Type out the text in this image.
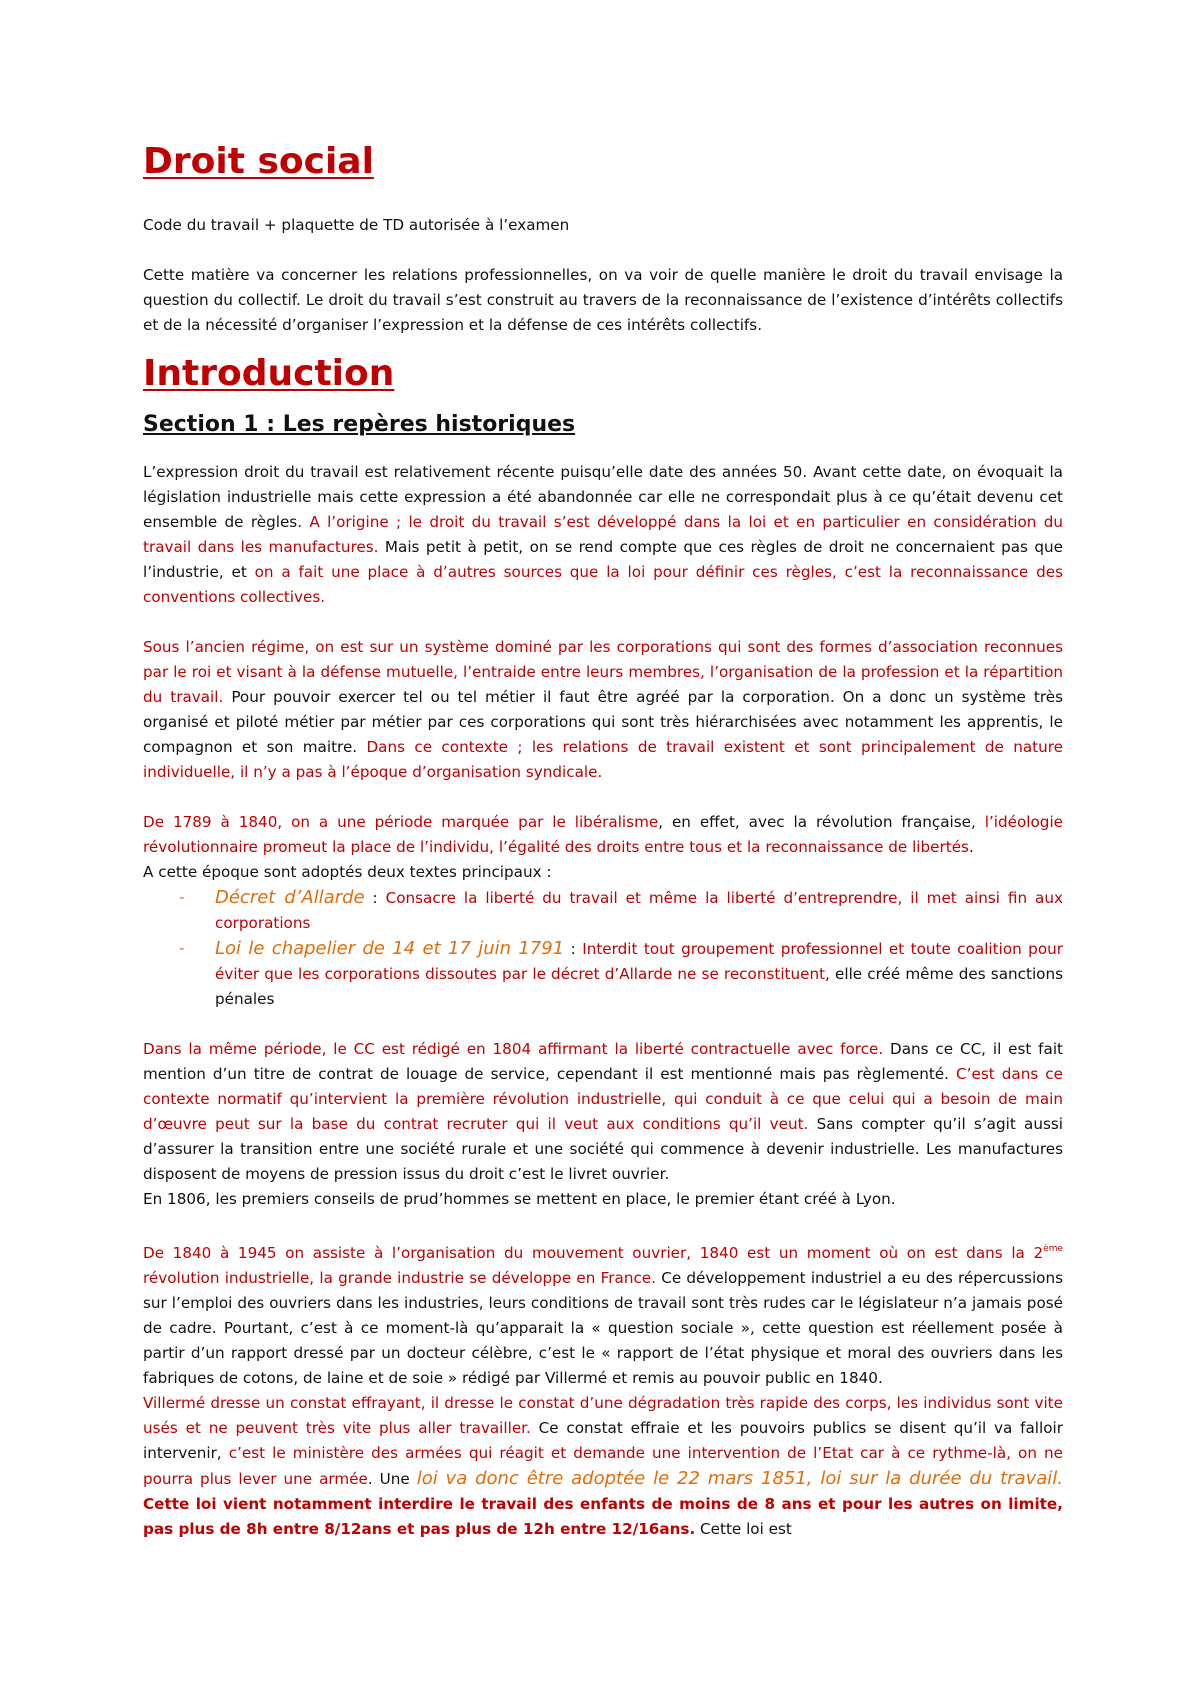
Droit social

Code du travail + plaquette de TD autorisée à l’examen

Cette matière va concerner les relations professionnelles, on va voir de quelle manière le droit du travail envisage la question du collectif. Le droit du travail s’est construit au travers de la reconnaissance de l’existence d’intérêts collectifs et de la nécessité d’organiser l’expression et la défense de ces intérêts collectifs.

Introduction
Section 1 : Les repères historiques

L’expression droit du travail est relativement récente puisqu’elle date des années 50. Avant cette date, on évoquait la législation industrielle mais cette expression a été abandonnée car elle ne correspondait plus à ce qu’était devenu cet ensemble de règles. A l’origine ; le droit du travail s’est développé dans la loi et en particulier en considération du travail dans les manufactures. Mais petit à petit, on se rend compte que ces règles de droit ne concernaient pas que l’industrie, et on a fait une place à d’autres sources que la loi pour définir ces règles, c’est la reconnaissance des conventions collectives.

Sous l’ancien régime, on est sur un système dominé par les corporations qui sont des formes d’association reconnues par le roi et visant à la défense mutuelle, l’entraide entre leurs membres, l’organisation de la profession et la répartition du travail. Pour pouvoir exercer tel ou tel métier il faut être agréé par la corporation. On a donc un système très organisé et piloté métier par métier par ces corporations qui sont très hiérarchisées avec notamment les apprentis, le compagnon et son maitre. Dans ce contexte ; les relations de travail existent et sont principalement de nature individuelle, il n’y a pas à l’époque d’organisation syndicale.

De 1789 à 1840, on a une période marquée par le libéralisme, en effet, avec la révolution française, l’idéologie révolutionnaire promeut la place de l’individu, l’égalité des droits entre tous et la reconnaissance de libertés.

A cette époque sont adoptés deux textes principaux :

- Décret d’Allarde : Consacre la liberté du travail et même la liberté d’entreprendre, il met ainsi fin aux corporations
- Loi le chapelier de 14 et 17 juin 1791 : Interdit tout groupement professionnel et toute coalition pour éviter que les corporations dissoutes par le décret d’Allarde ne se reconstituent, elle créé même des sanctions pénales

Dans la même période, le CC est rédigé en 1804 affirmant la liberté contractuelle avec force. Dans ce CC, il est fait mention d’un titre de contrat de louage de service, cependant il est mentionné mais pas règlementé. C’est dans ce contexte normatif qu’intervient la première révolution industrielle, qui conduit à ce que celui qui a besoin de main d’œuvre peut sur la base du contrat recruter qui il veut aux conditions qu’il veut. Sans compter qu’il s’agit aussi d’assurer la transition entre une société rurale et une société qui commence à devenir industrielle. Les manufactures disposent de moyens de pression issus du droit c’est le livret ouvrier.

En 1806, les premiers conseils de prud’hommes se mettent en place, le premier étant créé à Lyon.

De 1840 à 1945 on assiste à l’organisation du mouvement ouvrier, 1840 est un moment où on est dans la 2ème révolution industrielle, la grande industrie se développe en France. Ce développement industriel a eu des répercussions sur l’emploi des ouvriers dans les industries, leurs conditions de travail sont très rudes car le législateur n’a jamais posé de cadre. Pourtant, c’est à ce moment-là qu’apparait la « question sociale », cette question est réellement posée à partir d’un rapport dressé par un docteur célèbre, c’est le « rapport de l’état physique et moral des ouvriers dans les fabriques de cotons, de laine et de soie » rédigé par Villermé et remis au pouvoir public en 1840.

Villermé dresse un constat effrayant, il dresse le constat d’une dégradation très rapide des corps, les individus sont vite usés et ne peuvent très vite plus aller travailler. Ce constat effraie et les pouvoirs publics se disent qu’il va falloir intervenir, c’est le ministère des armées qui réagit et demande une intervention de l’Etat car à ce rythme-là, on ne pourra plus lever une armée. Une loi va donc être adoptée le 22 mars 1851, loi sur la durée du travail. Cette loi vient notamment interdire le travail des enfants de moins de 8 ans et pour les autres on limite, pas plus de 8h entre 8/12ans et pas plus de 12h entre 12/16ans. Cette loi est
